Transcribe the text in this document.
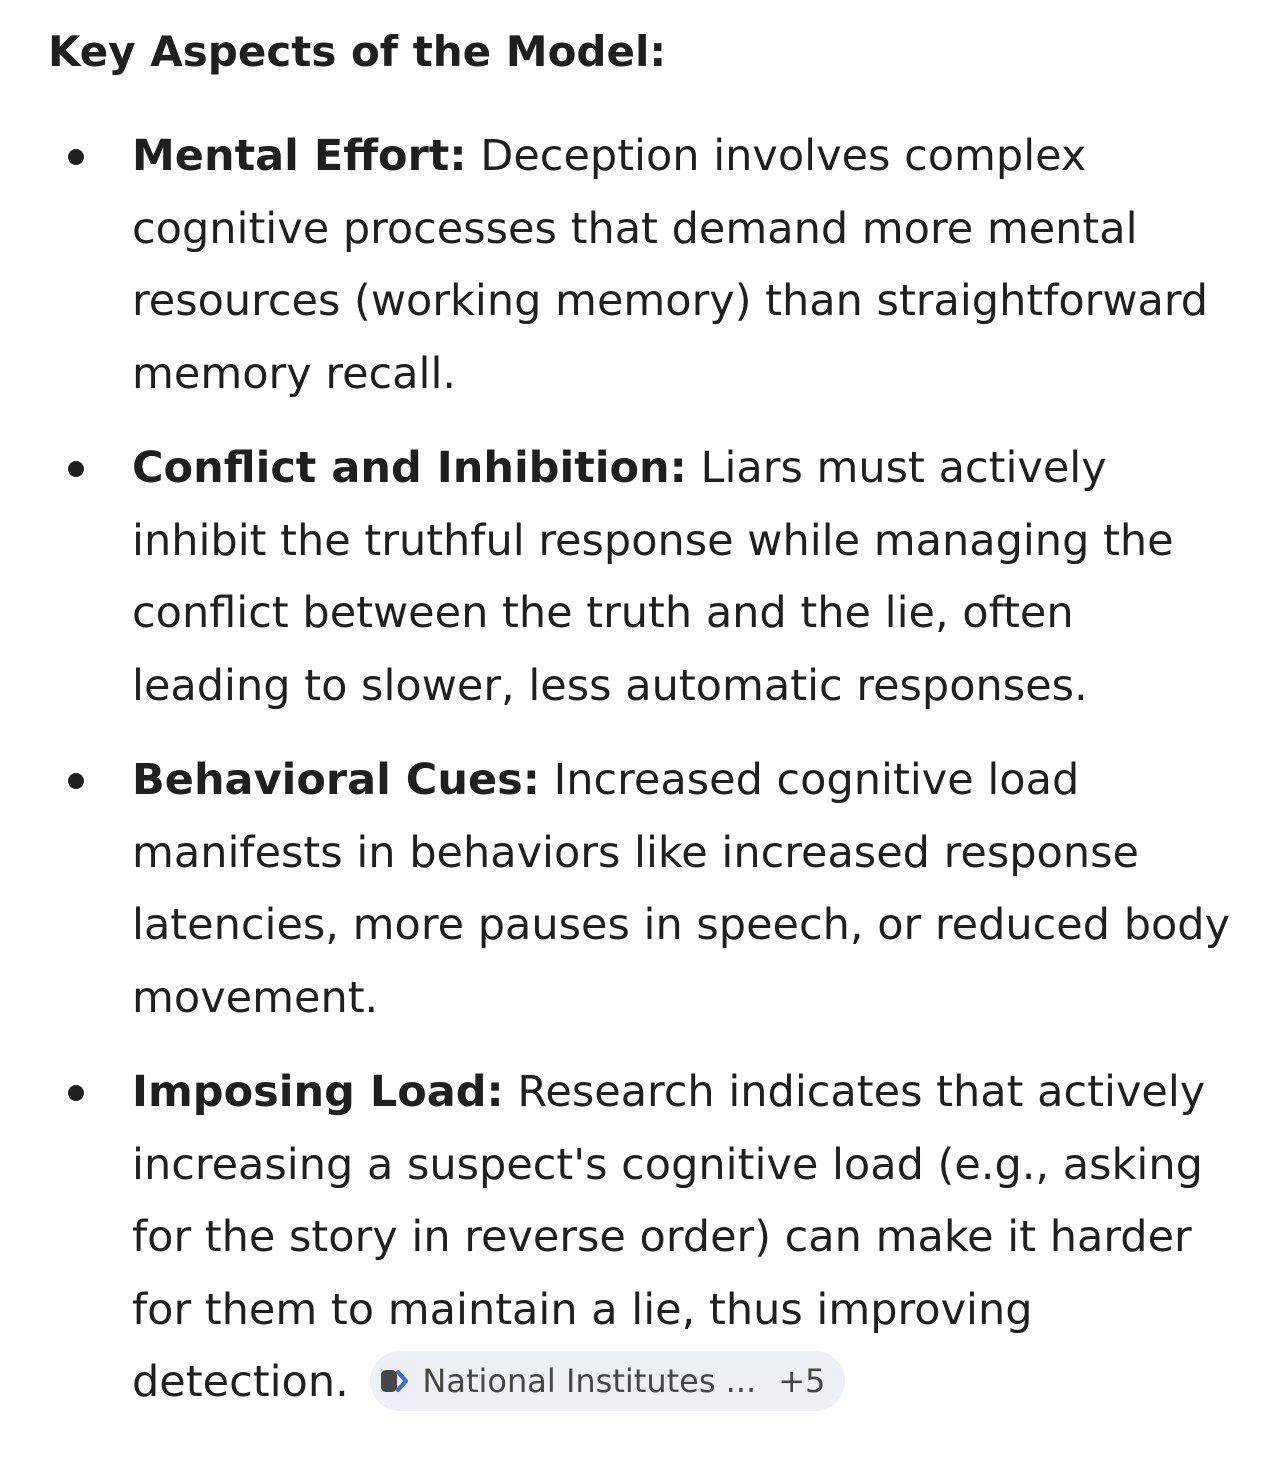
Key Aspects of the Model:
Mental Effort: Deception involves complex cognitive processes that demand more mental resources (working memory) than straightforward memory recall.
Conflict and Inhibition: Liars must actively inhibit the truthful response while managing the conflict between the truth and the lie, often leading to slower, less automatic responses.
Behavioral Cues: Increased cognitive load manifests in behaviors like increased response latencies, more pauses in speech, or reduced body movement.
Imposing Load: Research indicates that actively increasing a suspect's cognitive load (e.g., asking for the story in reverse order) can make it harder for them to maintain a lie, thus improving detection. National Institutes ... +5
